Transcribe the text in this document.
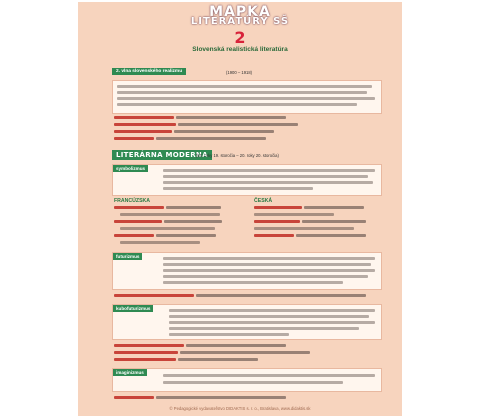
MAPKA
LITERATÚRY SŠ
2
Slovenská realistická literatúra
2. vlna slovenského realizmu	(1900 – 1918)
LITERÁRNA MODERNA
(80. roky 19. storočia – 20. roky 20. storočia)
symbolizmus
FRANCÚZSKA	ČESKÁ
futurizmus
kubofuturizmus
imaginizmus
© Pedagogické vydavateľstvo DIDAKTIS s. r. o., Bratislava, www.didaktis.sk
